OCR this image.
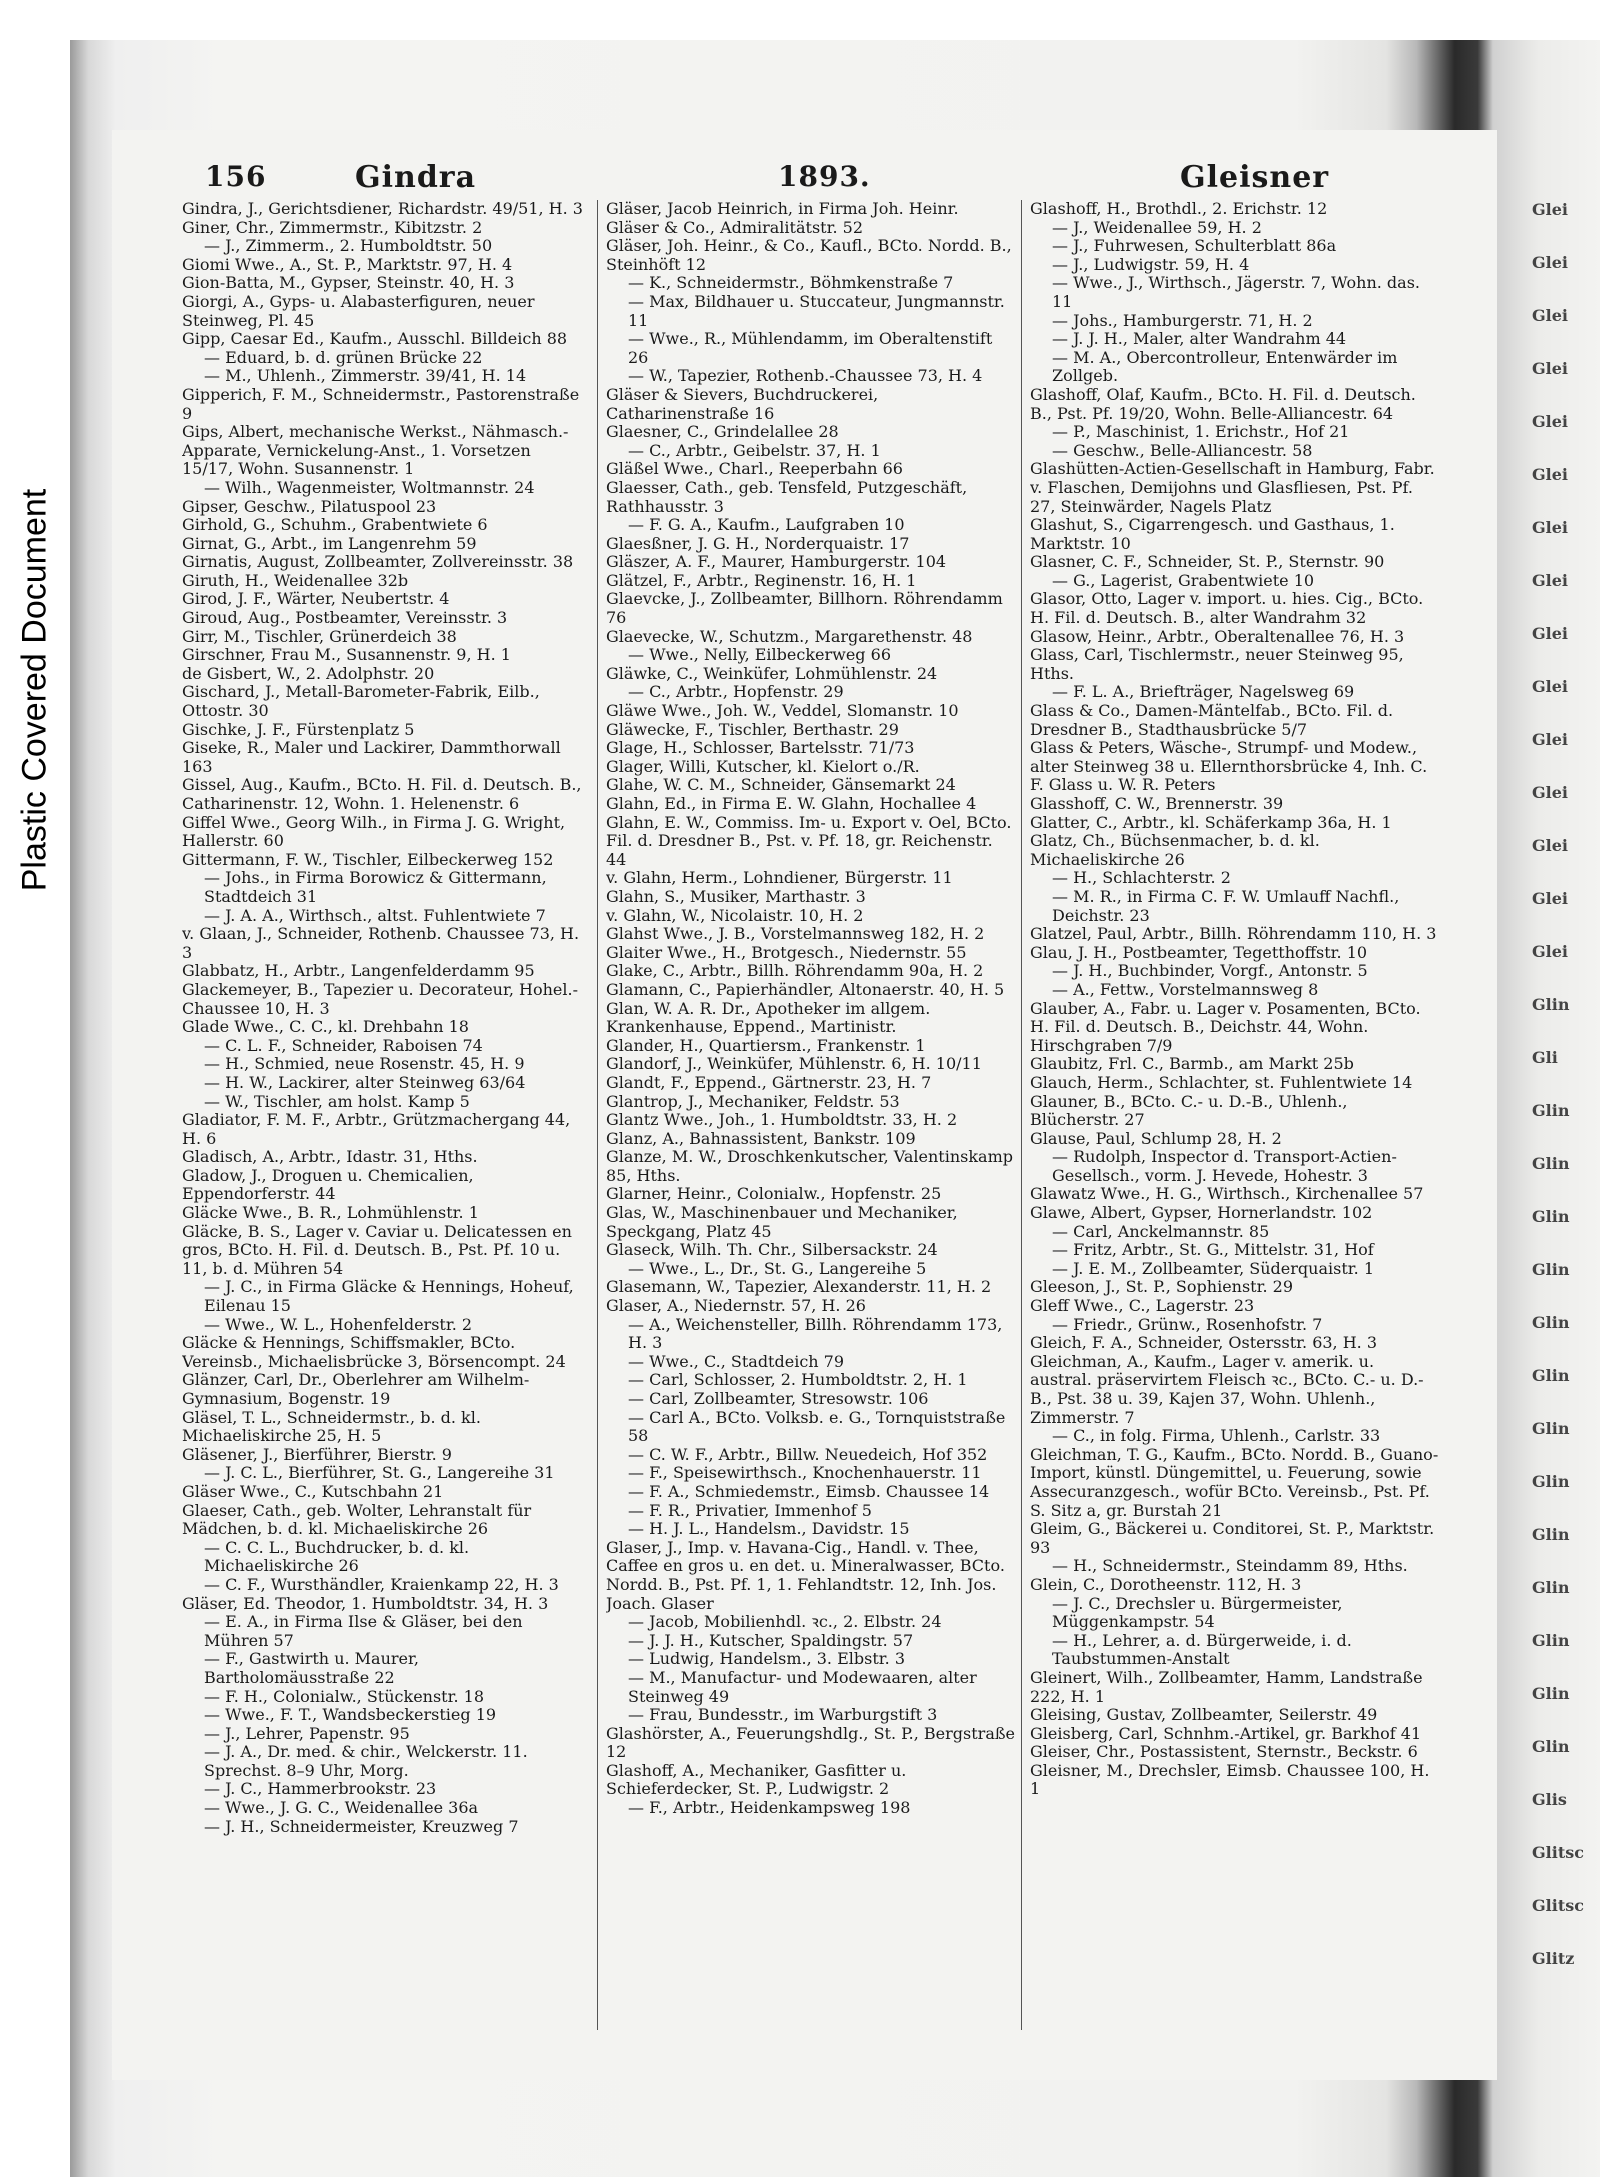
Plastic Covered Document
156	Gindra	1893.	Gleisner

Gindra, J., Gerichtsdiener, Richardstr. 49/51, H. 3

Giner, Chr., Zimmermstr., Kibitzstr. 2

— J., Zimmerm., 2. Humboldtstr. 50

Giomi Wwe., A., St. P., Marktstr. 97, H. 4

Gion-Batta, M., Gypser, Steinstr. 40, H. 3

Giorgi, A., Gyps- u. Alabasterfiguren, neuer Steinweg, Pl. 45

Gipp, Caesar Ed., Kaufm., Ausschl. Billdeich 88

— Eduard, b. d. grünen Brücke 22

— M., Uhlenh., Zimmerstr. 39/41, H. 14

Gipperich, F. M., Schneidermstr., Pastorenstraße 9

Gips, Albert, mechanische Werkst., Nähmasch.-Apparate, Vernickelung-Anst., 1. Vorsetzen 15/17, Wohn. Susannenstr. 1

— Wilh., Wagenmeister, Woltmannstr. 24

Gipser, Geschw., Pilatuspool 23

Girhold, G., Schuhm., Grabentwiete 6

Girnat, G., Arbt., im Langenrehm 59

Girnatis, August, Zollbeamter, Zollvereinsstr. 38

Giruth, H., Weidenallee 32b

Girod, J. F., Wärter, Neubertstr. 4

Giroud, Aug., Postbeamter, Vereinsstr. 3

Girr, M., Tischler, Grünerdeich 38

Girschner, Frau M., Susannenstr. 9, H. 1

de Gisbert, W., 2. Adolphstr. 20

Gischard, J., Metall-Barometer-Fabrik, Eilb., Ottostr. 30

Gischke, J. F., Fürstenplatz 5

Giseke, R., Maler und Lackirer, Dammthorwall 163

Gissel, Aug., Kaufm., BCto. H. Fil. d. Deutsch. B., Catharinenstr. 12, Wohn. 1. Helenenstr. 6

Giffel Wwe., Georg Wilh., in Firma J. G. Wright, Hallerstr. 60

Gittermann, F. W., Tischler, Eilbeckerweg 152

— Johs., in Firma Borowicz & Gittermann, Stadtdeich 31

— J. A. A., Wirthsch., altst. Fuhlentwiete 7

v. Glaan, J., Schneider, Rothenb. Chaussee 73, H. 3

Glabbatz, H., Arbtr., Langenfelderdamm 95

Glackemeyer, B., Tapezier u. Decorateur, Hohel.-Chaussee 10, H. 3

Glade Wwe., C. C., kl. Drehbahn 18

— C. L. F., Schneider, Raboisen 74

— H., Schmied, neue Rosenstr. 45, H. 9

— H. W., Lackirer, alter Steinweg 63/64

— W., Tischler, am holst. Kamp 5

Gladiator, F. M. F., Arbtr., Grützmachergang 44, H. 6

Gladisch, A., Arbtr., Idastr. 31, Hths.

Gladow, J., Droguen u. Chemicalien, Eppendorferstr. 44

Gläcke Wwe., B. R., Lohmühlenstr. 1

Gläcke, B. S., Lager v. Caviar u. Delicatessen en gros, BCto. H. Fil. d. Deutsch. B., Pst. Pf. 10 u. 11, b. d. Mühren 54

— J. C., in Firma Gläcke & Hennings, Hoheuf, Eilenau 15

— Wwe., W. L., Hohenfelderstr. 2

Gläcke & Hennings, Schiffsmakler, BCto. Vereinsb., Michaelisbrücke 3, Börsencompt. 24

Glänzer, Carl, Dr., Oberlehrer am Wilhelm-Gymnasium, Bogenstr. 19

Gläsel, T. L., Schneidermstr., b. d. kl. Michaeliskirche 25, H. 5

Gläsener, J., Bierführer, Bierstr. 9

— J. C. L., Bierführer, St. G., Langereihe 31

Gläser Wwe., C., Kutschbahn 21

Glaeser, Cath., geb. Wolter, Lehranstalt für Mädchen, b. d. kl. Michaeliskirche 26

— C. C. L., Buchdrucker, b. d. kl. Michaeliskirche 26

— C. F., Wursthändler, Kraienkamp 22, H. 3

Gläser, Ed. Theodor, 1. Humboldtstr. 34, H. 3

— E. A., in Firma Ilse & Gläser, bei den Mühren 57

— F., Gastwirth u. Maurer, Bartholomäusstraße 22

— F. H., Colonialw., Stückenstr. 18

— Wwe., F. T., Wandsbeckerstieg 19

— J., Lehrer, Papenstr. 95

— J. A., Dr. med. & chir., Welckerstr. 11. Sprechst. 8–9 Uhr, Morg.

— J. C., Hammerbrookstr. 23

— Wwe., J. G. C., Weidenallee 36a

— J. H., Schneidermeister, Kreuzweg 7

Gläser, Jacob Heinrich, in Firma Joh. Heinr. Gläser & Co., Admiralitätstr. 52

Gläser, Joh. Heinr., & Co., Kaufl., BCto. Nordd. B., Steinhöft 12

— K., Schneidermstr., Böhmkenstraße 7

— Max, Bildhauer u. Stuccateur, Jungmannstr. 11

— Wwe., R., Mühlendamm, im Oberaltenstift 26

— W., Tapezier, Rothenb.-Chaussee 73, H. 4

Gläser & Sievers, Buchdruckerei, Catharinenstraße 16

Glaesner, C., Grindelallee 28

— C., Arbtr., Geibelstr. 37, H. 1

Gläßel Wwe., Charl., Reeperbahn 66

Glaesser, Cath., geb. Tensfeld, Putzgeschäft, Rathhausstr. 3

— F. G. A., Kaufm., Laufgraben 10

Glaesßner, J. G. H., Norderquaistr. 17

Gläszer, A. F., Maurer, Hamburgerstr. 104

Glätzel, F., Arbtr., Reginenstr. 16, H. 1

Glaevcke, J., Zollbeamter, Billhorn. Röhrendamm 76

Glaevecke, W., Schutzm., Margarethenstr. 48

— Wwe., Nelly, Eilbeckerweg 66

Gläwke, C., Weinküfer, Lohmühlenstr. 24

— C., Arbtr., Hopfenstr. 29

Gläwe Wwe., Joh. W., Veddel, Slomanstr. 10

Gläwecke, F., Tischler, Berthastr. 29

Glage, H., Schlosser, Bartelsstr. 71/73

Glager, Willi, Kutscher, kl. Kielort o./R.

Glahe, W. C. M., Schneider, Gänsemarkt 24

Glahn, Ed., in Firma E. W. Glahn, Hochallee 4

Glahn, E. W., Commiss. Im- u. Export v. Oel, BCto. Fil. d. Dresdner B., Pst. v. Pf. 18, gr. Reichenstr. 44

v. Glahn, Herm., Lohndiener, Bürgerstr. 11

Glahn, S., Musiker, Marthastr. 3

v. Glahn, W., Nicolaistr. 10, H. 2

Glahst Wwe., J. B., Vorstelmannsweg 182, H. 2

Glaiter Wwe., H., Brotgesch., Niedernstr. 55

Glake, C., Arbtr., Billh. Röhrendamm 90a, H. 2

Glamann, C., Papierhändler, Altonaerstr. 40, H. 5

Glan, W. A. R. Dr., Apotheker im allgem. Krankenhause, Eppend., Martinistr.

Glander, H., Quartiersm., Frankenstr. 1

Glandorf, J., Weinküfer, Mühlenstr. 6, H. 10/11

Glandt, F., Eppend., Gärtnerstr. 23, H. 7

Glantrop, J., Mechaniker, Feldstr. 53

Glantz Wwe., Joh., 1. Humboldtstr. 33, H. 2

Glanz, A., Bahnassistent, Bankstr. 109

Glanze, M. W., Droschkenkutscher, Valentinskamp 85, Hths.

Glarner, Heinr., Colonialw., Hopfenstr. 25

Glas, W., Maschinenbauer und Mechaniker, Speckgang, Platz 45

Glaseck, Wilh. Th. Chr., Silbersackstr. 24

— Wwe., L., Dr., St. G., Langereihe 5

Glasemann, W., Tapezier, Alexanderstr. 11, H. 2

Glaser, A., Niedernstr. 57, H. 26

— A., Weichensteller, Billh. Röhrendamm 173, H. 3

— Wwe., C., Stadtdeich 79

— Carl, Schlosser, 2. Humboldtstr. 2, H. 1

— Carl, Zollbeamter, Stresowstr. 106

— Carl A., BCto. Volksb. e. G., Tornquiststraße 58

— C. W. F., Arbtr., Billw. Neuedeich, Hof 352

— F., Speisewirthsch., Knochenhauerstr. 11

— F. A., Schmiedemstr., Eimsb. Chaussee 14

— F. R., Privatier, Immenhof 5

— H. J. L., Handelsm., Davidstr. 15

Glaser, J., Imp. v. Havana-Cig., Handl. v. Thee, Caffee en gros u. en det. u. Mineralwasser, BCto. Nordd. B., Pst. Pf. 1, 1. Fehlandtstr. 12, Inh. Jos. Joach. Glaser

— Jacob, Mobilienhdl. ꝛc., 2. Elbstr. 24

— J. J. H., Kutscher, Spaldingstr. 57

— Ludwig, Handelsm., 3. Elbstr. 3

— M., Manufactur- und Modewaaren, alter Steinweg 49

— Frau, Bundesstr., im Warburgstift 3

Glashörster, A., Feuerungshdlg., St. P., Bergstraße 12

Glashoff, A., Mechaniker, Gasfitter u. Schieferdecker, St. P., Ludwigstr. 2

— F., Arbtr., Heidenkampsweg 198

Glashoff, H., Brothdl., 2. Erichstr. 12

— J., Weidenallee 59, H. 2

— J., Fuhrwesen, Schulterblatt 86a

— J., Ludwigstr. 59, H. 4

— Wwe., J., Wirthsch., Jägerstr. 7, Wohn. das. 11

— Johs., Hamburgerstr. 71, H. 2

— J. J. H., Maler, alter Wandrahm 44

— M. A., Obercontrolleur, Entenwärder im Zollgeb.

Glashoff, Olaf, Kaufm., BCto. H. Fil. d. Deutsch. B., Pst. Pf. 19/20, Wohn. Belle-Alliancestr. 64

— P., Maschinist, 1. Erichstr., Hof 21

— Geschw., Belle-Alliancestr. 58

Glashütten-Actien-Gesellschaft in Hamburg, Fabr. v. Flaschen, Demijohns und Glasfliesen, Pst. Pf. 27, Steinwärder, Nagels Platz

Glashut, S., Cigarrengesch. und Gasthaus, 1. Marktstr. 10

Glasner, C. F., Schneider, St. P., Sternstr. 90

— G., Lagerist, Grabentwiete 10

Glasor, Otto, Lager v. import. u. hies. Cig., BCto. H. Fil. d. Deutsch. B., alter Wandrahm 32

Glasow, Heinr., Arbtr., Oberaltenallee 76, H. 3

Glass, Carl, Tischlermstr., neuer Steinweg 95, Hths.

— F. L. A., Briefträger, Nagelsweg 69

Glass & Co., Damen-Mäntelfab., BCto. Fil. d. Dresdner B., Stadthausbrücke 5/7

Glass & Peters, Wäsche-, Strumpf- und Modew., alter Steinweg 38 u. Ellernthorsbrücke 4, Inh. C. F. Glass u. W. R. Peters

Glasshoff, C. W., Brennerstr. 39

Glatter, C., Arbtr., kl. Schäferkamp 36a, H. 1

Glatz, Ch., Büchsenmacher, b. d. kl. Michaeliskirche 26

— H., Schlachterstr. 2

— M. R., in Firma C. F. W. Umlauff Nachfl., Deichstr. 23

Glatzel, Paul, Arbtr., Billh. Röhrendamm 110, H. 3

Glau, J. H., Postbeamter, Tegetthoffstr. 10

— J. H., Buchbinder, Vorgf., Antonstr. 5

— A., Fettw., Vorstelmannsweg 8

Glauber, A., Fabr. u. Lager v. Posamenten, BCto. H. Fil. d. Deutsch. B., Deichstr. 44, Wohn. Hirschgraben 7/9

Glaubitz, Frl. C., Barmb., am Markt 25b

Glauch, Herm., Schlachter, st. Fuhlentwiete 14

Glauner, B., BCto. C.- u. D.-B., Uhlenh., Blücherstr. 27

Glause, Paul, Schlump 28, H. 2

— Rudolph, Inspector d. Transport-Actien-Gesellsch., vorm. J. Hevede, Hohestr. 3

Glawatz Wwe., H. G., Wirthsch., Kirchenallee 57

Glawe, Albert, Gypser, Hornerlandstr. 102

— Carl, Anckelmannstr. 85

— Fritz, Arbtr., St. G., Mittelstr. 31, Hof

— J. E. M., Zollbeamter, Süderquaistr. 1

Gleeson, J., St. P., Sophienstr. 29

Gleff Wwe., C., Lagerstr. 23

— Friedr., Grünw., Rosenhofstr. 7

Gleich, F. A., Schneider, Ostersstr. 63, H. 3

Gleichman, A., Kaufm., Lager v. amerik. u. austral. präservirtem Fleisch ꝛc., BCto. C.- u. D.-B., Pst. 38 u. 39, Kajen 37, Wohn. Uhlenh., Zimmerstr. 7

— C., in folg. Firma, Uhlenh., Carlstr. 33

Gleichman, T. G., Kaufm., BCto. Nordd. B., Guano-Import, künstl. Düngemittel, u. Feuerung, sowie Assecuranzgesch., wofür BCto. Vereinsb., Pst. Pf. S. Sitz a, gr. Burstah 21

Gleim, G., Bäckerei u. Conditorei, St. P., Marktstr. 93

— H., Schneidermstr., Steindamm 89, Hths.

Glein, C., Dorotheenstr. 112, H. 3

— J. C., Drechsler u. Bürgermeister, Müggenkampstr. 54

— H., Lehrer, a. d. Bürgerweide, i. d. Taubstummen-Anstalt

Gleinert, Wilh., Zollbeamter, Hamm, Landstraße 222, H. 1

Gleising, Gustav, Zollbeamter, Seilerstr. 49

Gleisberg, Carl, Schnhm.-Artikel, gr. Barkhof 41

Gleiser, Chr., Postassistent, Sternstr., Beckstr. 6

Gleisner, M., Drechsler, Eimsb. Chaussee 100, H. 1

Glei
Glei
Glei
Glei
Glei
Glei
Glei
Glei
Glei
Glei
Glei
Glei
Glei
Glei
Glei
Glin
Gli
Glin
Glin
Glin
Glin
Glin
Glin
Glin
Glin
Glin
Glin
Glin
Glin
Glin
Glis
Glitsc
Glitsc
Glitz
